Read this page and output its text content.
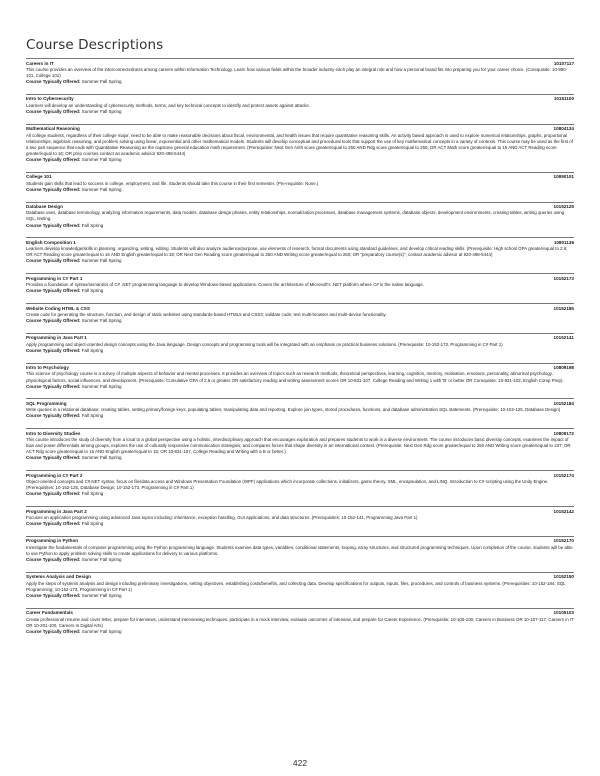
Course Descriptions
Careers in IT	10107117
This course provides an overview of the interconnectedness among careers within Information Technology. Learn how various fields within the broader industry each play an integral role and how a personal brand fits into preparing you for your career choice. (Corequisite: 10-890-101, College 101)
Course Typically Offered: Summer Fall Spring
Intro to Cybersecurity	10151100
Learners will develop an understanding of cybersecurity methods, terms, and key technical concepts to identify and protect assets against attacks.
Course Typically Offered: Summer Fall Spring
Mathematical Reasoning	10804134
All college students, regardless of their college major, need to be able to make reasonable decisions about fiscal, environmental, and health issues that require quantitative reasoning skills. An activity based approach is used to explore numerical relationships, graphs, proportional relationships, algebraic reasoning, and problem solving using linear, exponential and other mathematical models. Students will develop conceptual and procedural tools that support the use of key mathematical concepts in a variety of contexts. This course may be used as the first of a two part sequence that ends with Quantitative Reasoning as the capstone general education math requirement. (Prerequisite: Next Gen Arith score greater/equal to 250 AND Rdg score greater/equal to 250; OR ACT Math score greater/equal to 15 AND ACT Reading score greater/equal to 16; OR prep courses contact an academic advisor 920-498-5444)
Course Typically Offered: Summer Fall Spring
College 101	10890101
Students gain skills that lead to success in college, employment, and life. Students should take this course in their first semester. (Pre-requisite: None.)
Course Typically Offered: Summer Fall Spring
Database Design	10152125
Database uses, database terminology, analyzing information requirements, data models, database design phases, entity relationships, normalization processes, database management systems, database objects, development environments, creating tables, writing queries using SQL, testing.
Course Typically Offered: Fall Spring
English Composition 1	10801136
Learners develop knowledge/skills in planning, organizing, writing, editing. Students will also analyze audience/purpose, use elements of research, format documents using standard guidelines, and develop critical reading skills. (Prerequisite: High school GPA greater/equal to 2.6; OR ACT Reading score greater/equal to 16 AND English greater/equal to 18; OR Next Gen Reading score greater/equal to 250 AND Writing score greater/equal to 250; OR "preparatory course(s)", contact academic advisor at 920-498-5444)
Course Typically Offered: Summer Fall Spring
Programming in C# Part 1	10152173
Provides a foundation of syntax/semantics of C# .NET programming language to develop Windows-based applications. Covers the architecture of Microsoft's .NET platform where C# is the native language.
Course Typically Offered: Fall Spring
Website Coding HTML & CSS	10152185
Create code for generating the structure, function, and design of static websites using standards-based HTML5 and CSS3; validate code; test multi-browser and multi-device functionality.
Course Typically Offered: Summer Fall Spring
Programming in Java Part 1	10152141
Apply programming and object-oriented design concepts using the Java language. Design concepts and programming tools will be integrated with an emphasis on practical business solutions. (Prerequisite: 10-152-173, Programming in C# Part 1)
Course Typically Offered: Fall Spring
Intro to Psychology	10809198
This science of psychology course is a survey of multiple aspects of behavior and mental processes. It provides an overview of topics such as research methods, theoretical perspectives, learning, cognition, memory, motivation, emotions, personality, abnormal psychology, physiological factors, social influences, and development. (Prerequisite: Cumulative GPA of 2.6 or greater OR satisfactory reading and writing assessment scores OR 10-831-107, College Reading and Writing 1 with 'B' or better OR Corequisite: 10-831-102, English Comp Prep).
Course Typically Offered: Summer Fall Spring
SQL Programming	10152184
Write queries in a relational database; creating tables, setting primary/foreign keys, populating tables, manipulating data and reporting. Explore join types, stored procedures, functions, and database administration SQL statements. (Prerequisite: 10-152-125, Database Design)
Course Typically Offered: Fall Spring
Intro to Diversity Studies	10809172
This course introduces the study of diversity from a local to a global perspective using a holistic, interdisciplinary approach that encourages exploration and prepares students to work in a diverse environment. The course introduces basic diversity concepts, examines the impact of bias and power differentials among groups, explores the use of culturally responsive communication strategies, and compares forces that shape diversity in an international context. (Prerequisite: Next Gen Rdg score greater/equal to 250 AND Writing score greater/equal to 237; OR ACT Rdg score greater/equal to 16 AND English greater/equal to 15; OR 10-831-107, College Reading and Writing with a B or better.)
Course Typically Offered: Summer Fall Spring
Programming in C# Part 2	10152174
Object-oriented concepts and C#.NET syntax, focus on file/data access and Windows Presentation Foundation (WPF) applications which incorporate collections, initializers, game theory, XML, encapsulation, and LINQ. Introduction to C# scripting using the Unity Engine. (Prerequisites: 10-152-125, Database Design; 10-152-173, Programming in C# Part 1)
Course Typically Offered: Fall Spring
Programming in Java Part 2	10152142
Focuses on application programming using advanced Java topics including: inheritance, exception handling, GUI applications, and data structures. (Prerequisites: 10-152-141, Programming Java Part 1)
Course Typically Offered: Fall Spring
Programming in Python	10152170
Investigate the fundamentals of computer programming using the Python programming language. Students examine data types, variables, conditional statements, looping, array structures, and structured programming techniques. Upon completion of the course, students will be able to use Python to apply problem solving skills to create applications for delivery to various platforms.
Course Typically Offered: Summer Fall Spring
Systems Analysis and Design	10152150
Apply the steps of systems analysis and design including preliminary investigations, setting objectives, establishing costs/benefits, and collecting data. Develop specifications for outputs, inputs, files, procedures, and controls of business systems. (Prerequisites: 10-152-184, SQL Programming; 10-152-173, Programming in C# Part 1)
Course Typically Offered: Summer Fall Spring
Career Fundamentals	10105103
Create professional resume and cover letter, prepare for interviews, understand interviewing techniques, participate in a mock interview, evaluate outcomes of interview, and prepare for Career Experience. (Prerequisite: 10-105-100, Careers in Business OR 10-107-117, Careers in IT OR 10-201-100, Careers In Digital Arts)
Course Typically Offered: Summer Fall Spring
422
